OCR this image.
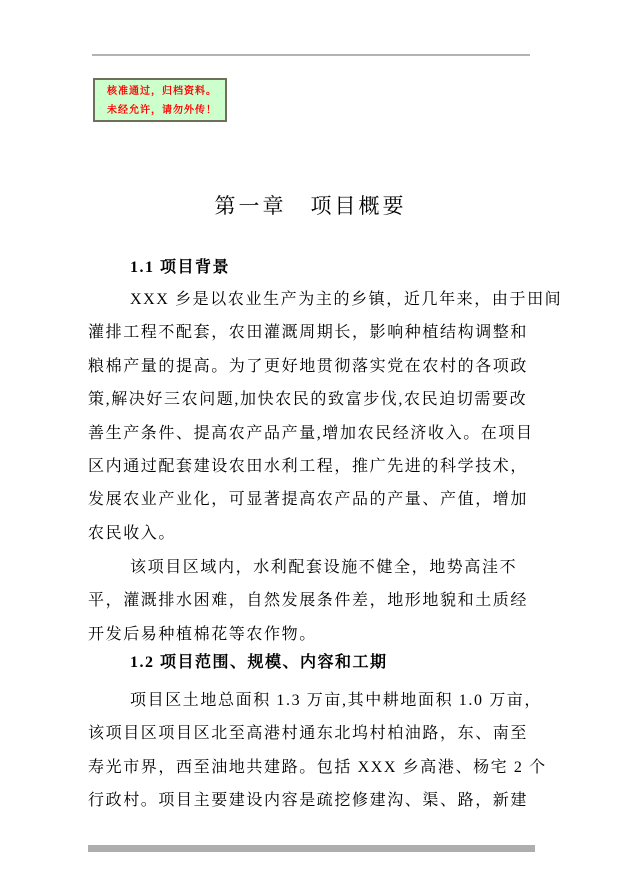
核准通过，归档资料。
未经允许，请勿外传！
第一章　项目概要
1.1 项目背景
XXX 乡是以农业生产为主的乡镇，近几年来，由于田间
灌排工程不配套，农田灌溉周期长，影响种植结构调整和
粮棉产量的提高。为了更好地贯彻落实党在农村的各项政
策,解决好三农问题,加快农民的致富步伐,农民迫切需要改
善生产条件、提高农产品产量,增加农民经济收入。在项目
区内通过配套建设农田水利工程，推广先进的科学技术，
发展农业产业化，可显著提高农产品的产量、产值，增加
农民收入。
该项目区域内，水利配套设施不健全，地势高洼不
平，灌溉排水困难，自然发展条件差，地形地貌和土质经
开发后易种植棉花等农作物。
1.2 项目范围、规模、内容和工期
项目区土地总面积 1.3 万亩,其中耕地面积 1.0 万亩，
该项目区项目区北至高港村通东北坞村柏油路，东、南至
寿光市界，西至油地共建路。包括 XXX 乡高港、杨宅 2 个
行政村。项目主要建设内容是疏挖修建沟、渠、路，新建
